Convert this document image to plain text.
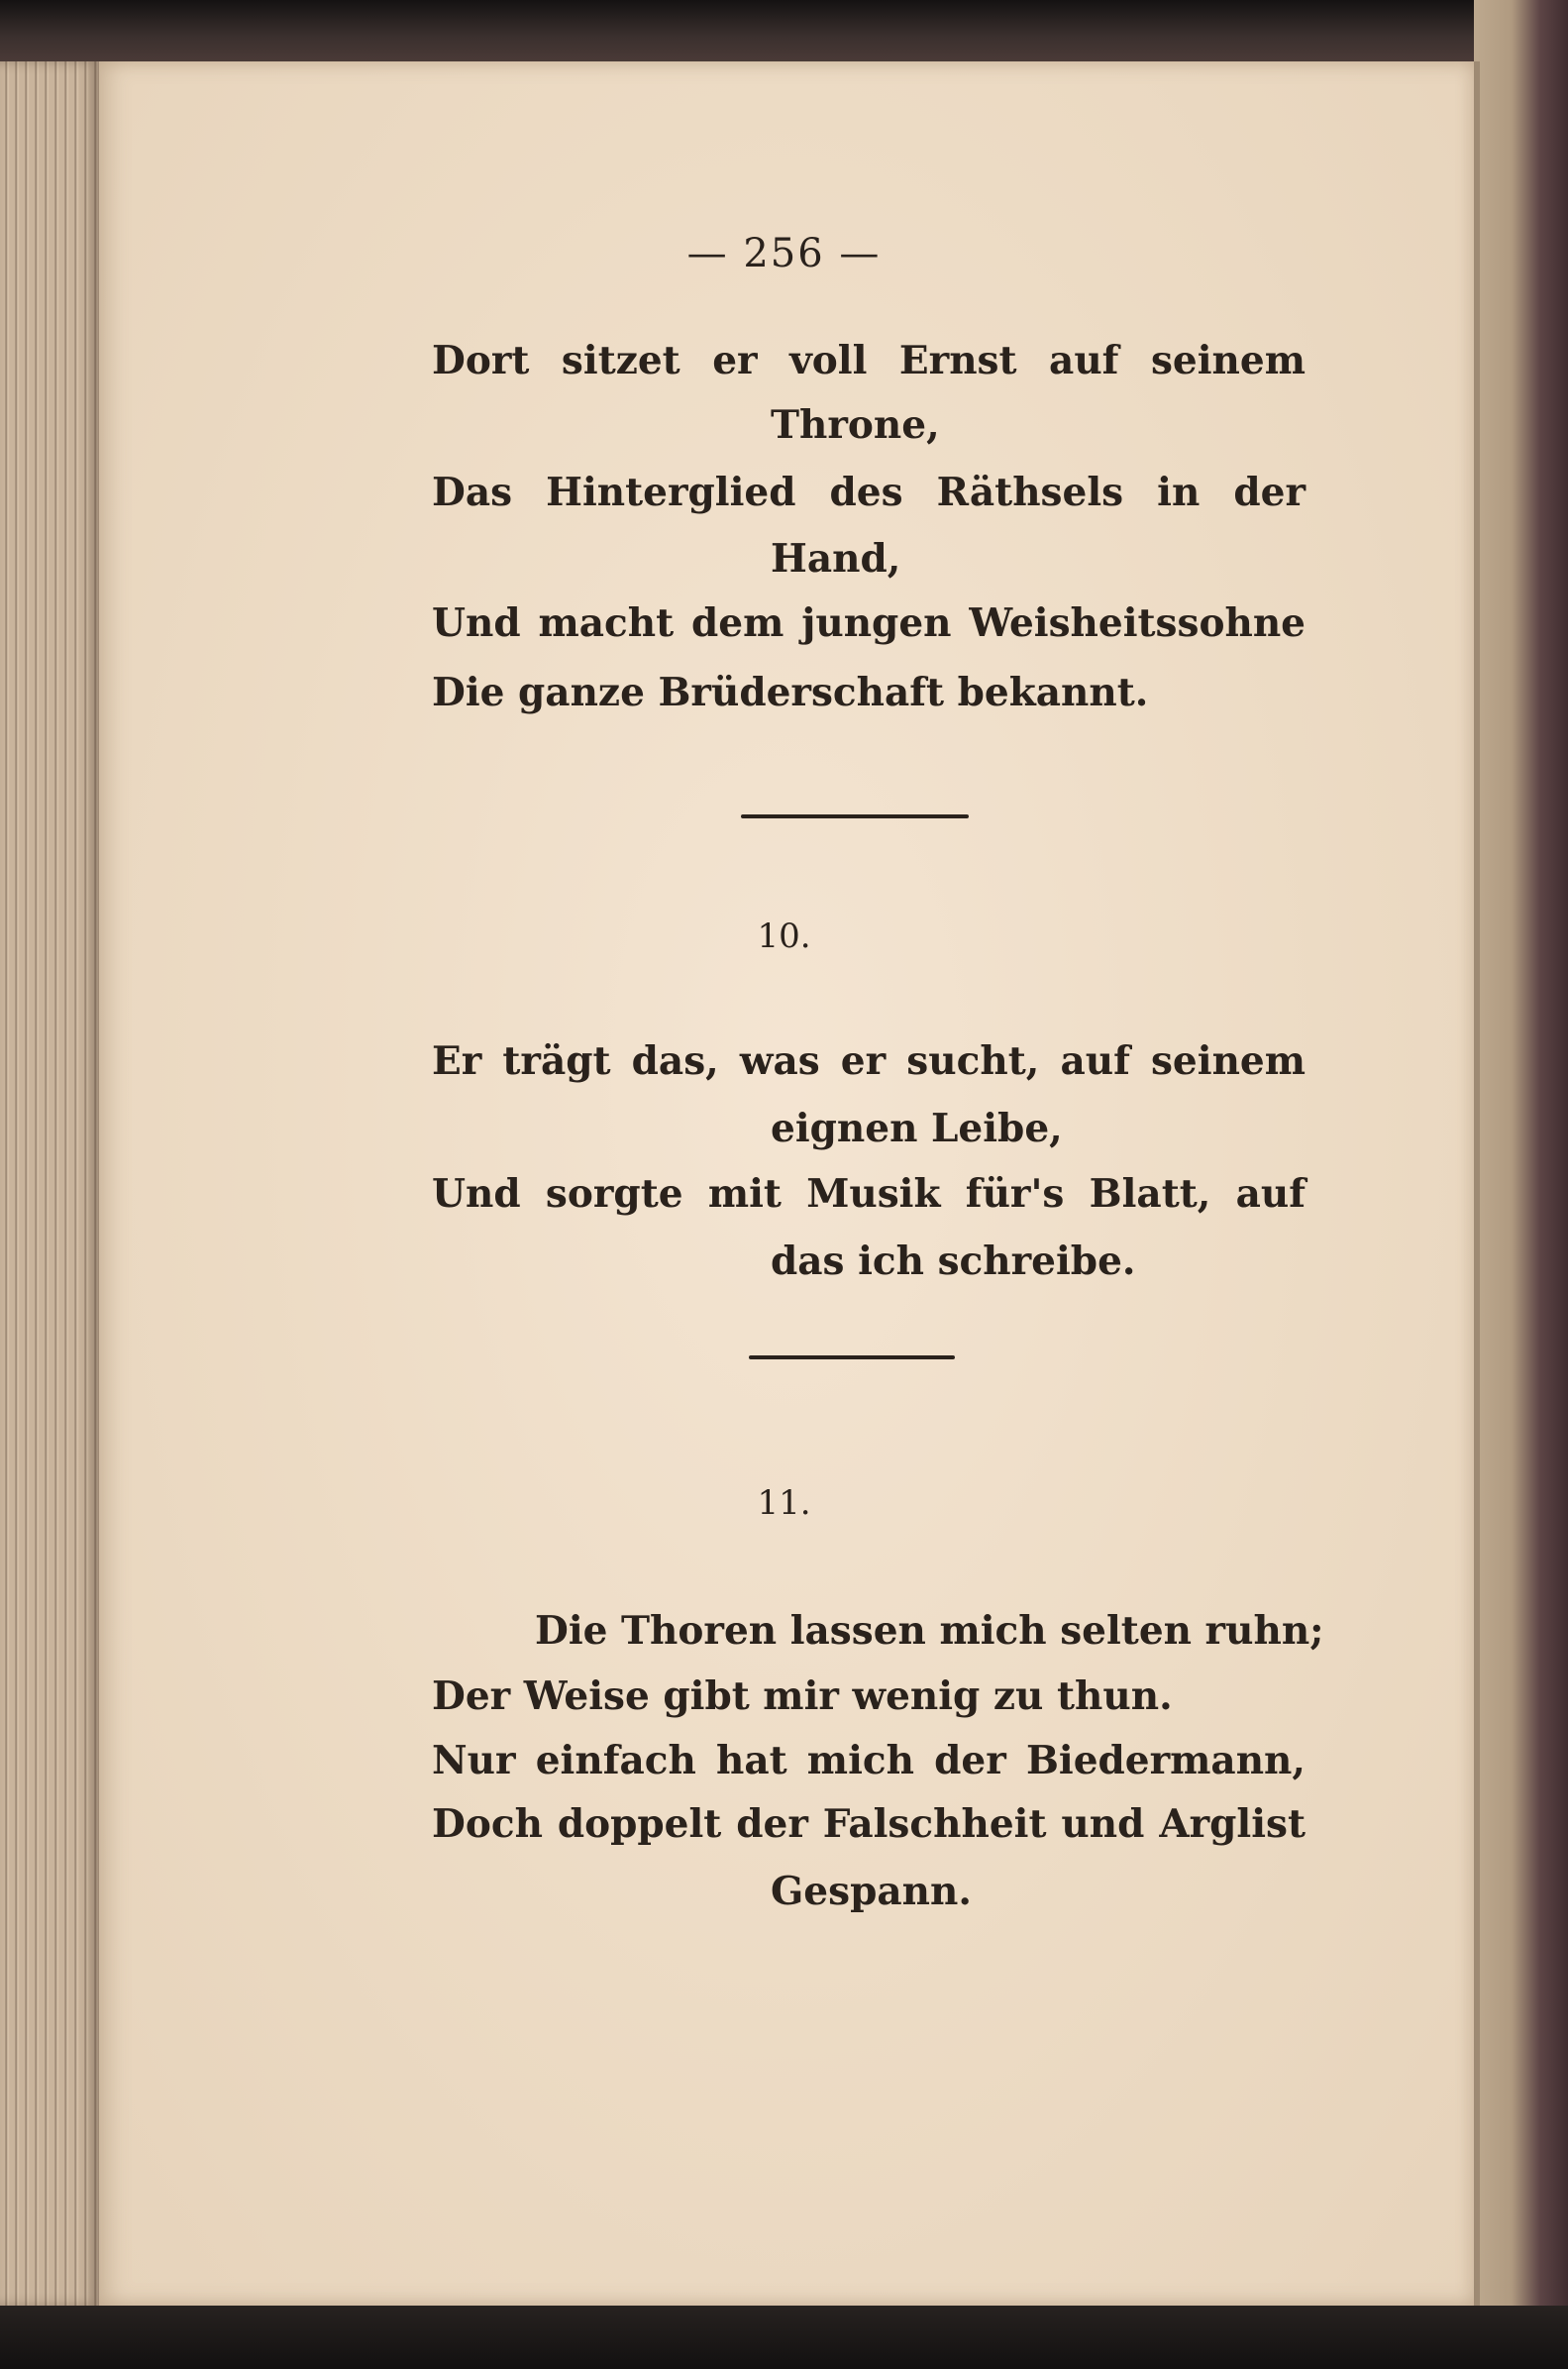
— 256 —
Dort sitzet er voll Ernst auf seinem
Throne,
Das Hinterglied des Räthsels in der
Hand,
Und macht dem jungen Weisheitssohne
Die ganze Brüderschaft bekannt.
10.
Er trägt das, was er sucht, auf seinem
eignen Leibe,
Und sorgte mit Musik für's Blatt, auf
das ich schreibe.
11.
Die Thoren lassen mich selten ruhn;
Der Weise gibt mir wenig zu thun.
Nur einfach hat mich der Biedermann,
Doch doppelt der Falschheit und Arglist
Gespann.
